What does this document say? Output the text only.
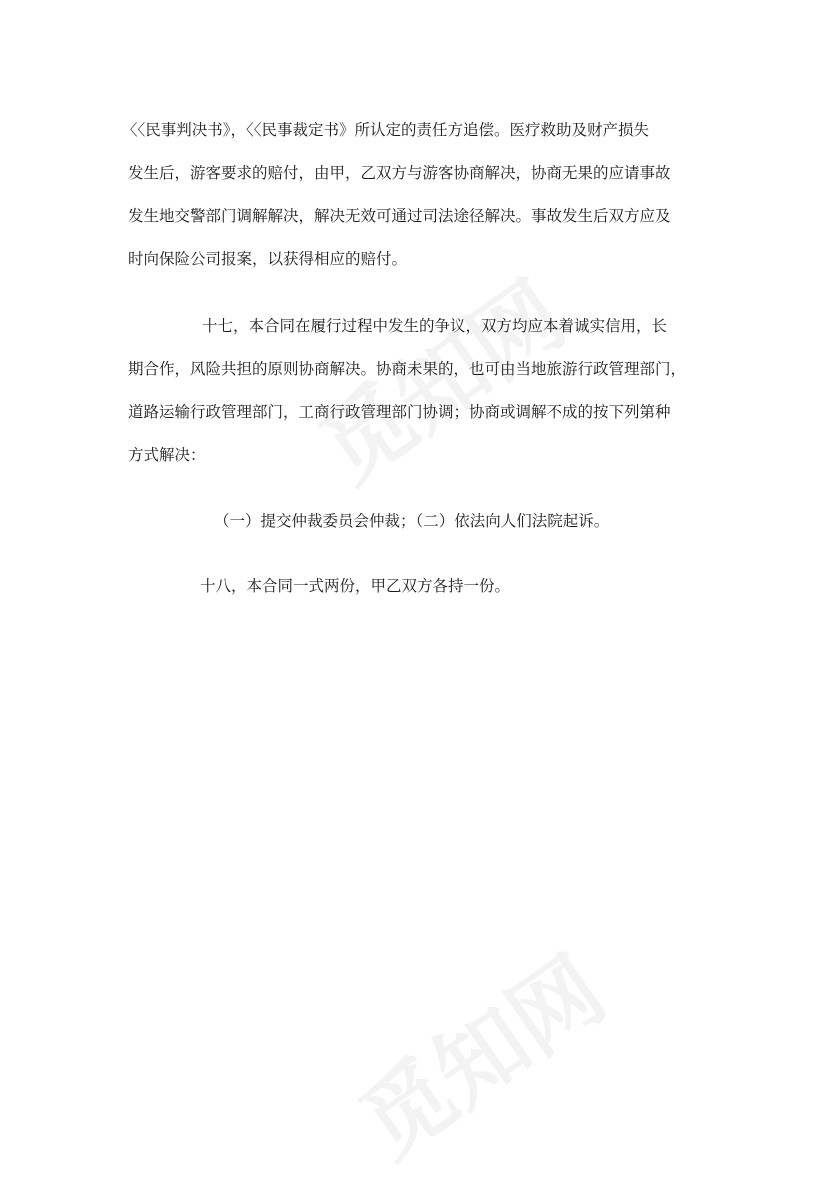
〈〈民事判决书》，〈〈民事裁定书》所认定的责任方追偿。医疗救助及财产损失
发生后，游客要求的赔付，由甲，乙双方与游客协商解决，协商无果的应请事故
发生地交警部门调解解决，解决无效可通过司法途径解决。事故发生后双方应及
时向保险公司报案，以获得相应的赔付。
十七，本合同在履行过程中发生的争议，双方均应本着诚实信用，长
期合作，风险共担的原则协商解决。协商未果的，也可由当地旅游行政管理部门，
道路运输行政管理部门，工商行政管理部门协调；协商或调解不成的按下列第种
方式解决：
（一）提交仲裁委员会仲裁；（二）依法向人们法院起诉。
十八，本合同一式两份，甲乙双方各持一份。
